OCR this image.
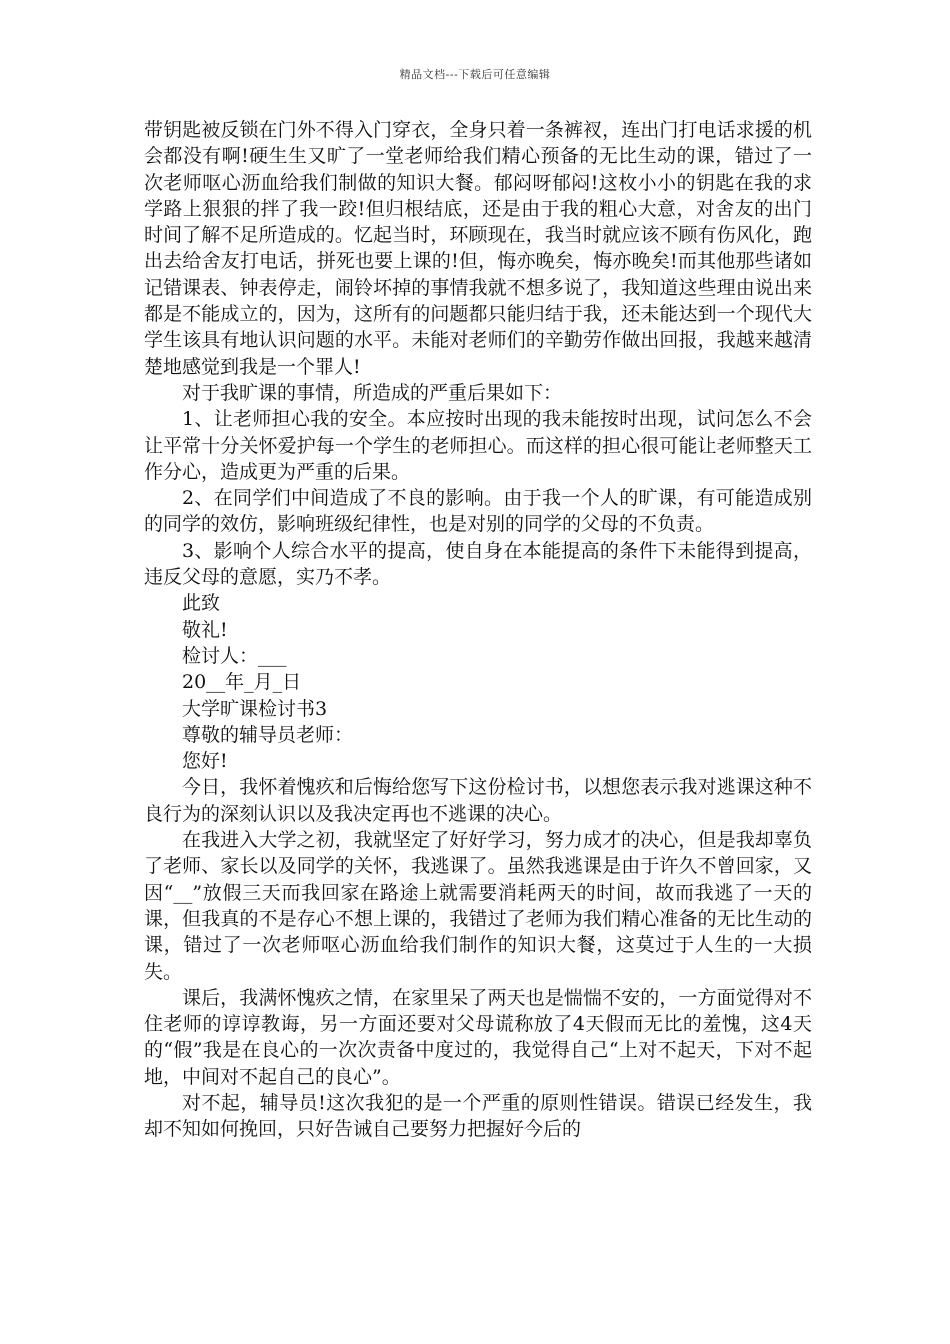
精品文档---下载后可任意编辑

带钥匙被反锁在门外不得入门穿衣，全身只着一条裤衩，连出门打电话求援的机会都没有啊!硬生生又旷了一堂老师给我们精心预备的无比生动的课，错过了一次老师呕心沥血给我们制做的知识大餐。郁闷呀郁闷!这枚小小的钥匙在我的求学路上狠狠的拌了我一跤!但归根结底，还是由于我的粗心大意，对舍友的出门时间了解不足所造成的。忆起当时，环顾现在，我当时就应该不顾有伤风化，跑出去给舍友打电话，拼死也要上课的!但，悔亦晚矣，悔亦晚矣!而其他那些诸如记错课表、钟表停走，闹铃坏掉的事情我就不想多说了，我知道这些理由说出来都是不能成立的，因为，这所有的问题都只能归结于我，还未能达到一个现代大学生该具有地认识问题的水平。未能对老师们的辛勤劳作做出回报，我越来越清楚地感觉到我是一个罪人!

对于我旷课的事情，所造成的严重后果如下：

1、让老师担心我的安全。本应按时出现的我未能按时出现，试问怎么不会让平常十分关怀爱护每一个学生的老师担心。而这样的担心很可能让老师整天工作分心，造成更为严重的后果。

2、在同学们中间造成了不良的影响。由于我一个人的旷课，有可能造成别的同学的效仿，影响班级纪律性，也是对别的同学的父母的不负责。

3、影响个人综合水平的提高，使自身在本能提高的条件下未能得到提高，违反父母的意愿，实乃不孝。

此致

敬礼!

检讨人：___

20__年_月_日

大学旷课检讨书3

尊敬的辅导员老师：

您好!

今日，我怀着愧疚和后悔给您写下这份检讨书，以想您表示我对逃课这种不良行为的深刻认识以及我决定再也不逃课的决心。

在我进入大学之初，我就坚定了好好学习，努力成才的决心，但是我却辜负了老师、家长以及同学的关怀，我逃课了。虽然我逃课是由于许久不曾回家，又因“__”放假三天而我回家在路途上就需要消耗两天的时间，故而我逃了一天的课，但我真的不是存心不想上课的，我错过了老师为我们精心准备的无比生动的课，错过了一次老师呕心沥血给我们制作的知识大餐，这莫过于人生的一大损失。

课后，我满怀愧疚之情，在家里呆了两天也是惴惴不安的，一方面觉得对不住老师的谆谆教诲，另一方面还要对父母谎称放了4天假而无比的羞愧，这4天的“假”我是在良心的一次次责备中度过的，我觉得自己“上对不起天，下对不起地，中间对不起自己的良心”。

对不起，辅导员!这次我犯的是一个严重的原则性错误。错误已经发生，我却不知如何挽回，只好告诫自己要努力把握好今后的
